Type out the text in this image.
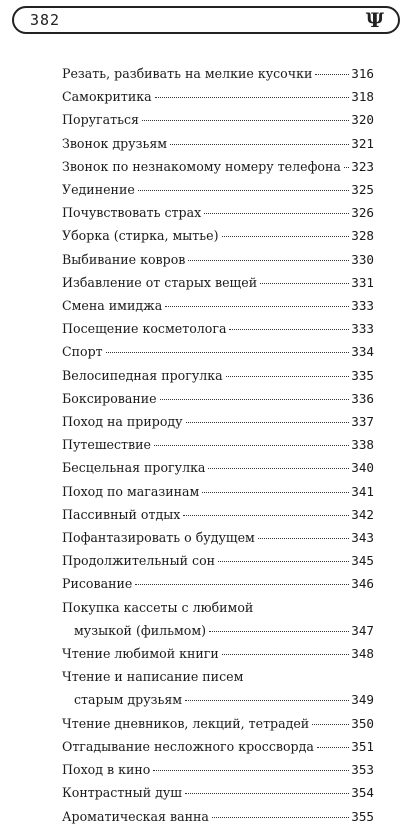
382	Ψ
Резать, разбивать на мелкие кусочки	316
Самокритика	318
Поругаться	320
Звонок друзьям	321
Звонок по незнакомому номеру телефона 323
Уединение	325
Почувствовать страх	326
Уборка (стирка, мытье)	328
Выбивание ковров	330
Избавление от старых вещей	331
Смена имиджа	333
Посещение косметолога	333
Спорт	334
Велосипедная прогулка	335
Боксирование	336
Поход на природу	337
Путешествие	338
Бесцельная прогулка	340
Поход по магазинам	341
Пассивный отдых	342
Пофантазировать о будущем	343
Продолжительный сон	345
Рисование	346
Покупка кассеты с любимой
музыкой (фильмом)	347
Чтение любимой книги	348
Чтение и написание писем
старым друзьям	349
Чтение дневников, лекций, тетрадей	350
Отгадывание несложного кроссворда	351
Поход в кино	353
Контрастный душ	354
Ароматическая ванна	355
